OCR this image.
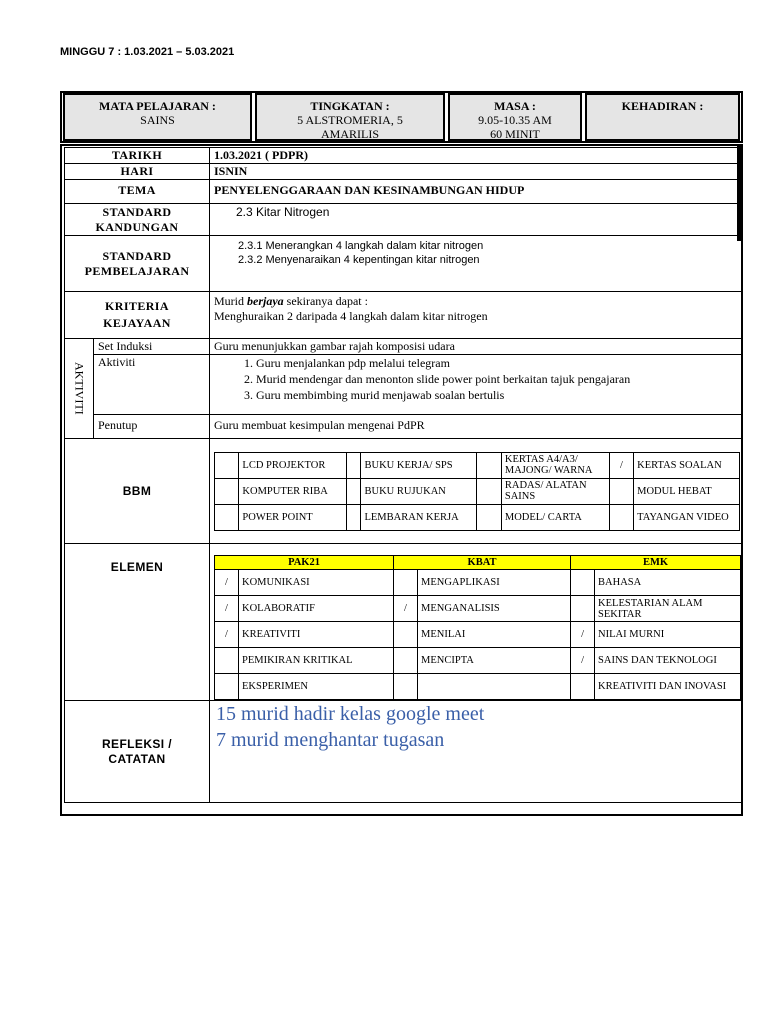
MINGGU 7 : 1.03.2021 – 5.03.2021
MATA PELAJARAN :
SAINS
TINGKATAN :
5 ALSTROMERIA, 5 AMARILIS
MASA :
9.05-10.35 AM
60 MINIT
KEHADIRAN :
TARIKH	1.03.2021 ( PDPR)
HARI	ISNIN
TEMA	PENYELENGGARAAN DAN KESINAMBUNGAN HIDUP

STANDARD
KANDUNGAN
	2.3 Kitar Nitrogen

STANDARD
PEMBELAJARAN

2.3.1 Menerangkan 4 langkah dalam kitar nitrogen
2.3.2 Menyenaraikan 4 kepentingan kitar nitrogen

KRITERIA
KEJAYAAN

Murid berjaya sekiranya dapat :
Menghuraikan 2 daripada 4 langkah dalam kitar nitrogen

AKTIVITI
	Set Induksi	Guru menunjukkan gambar rajah komposisi udara
Aktiviti	
1.Guru menjalankan pdp melalui telegram
2. Murid mendengar dan menonton slide power point berkaitan tajuk pengajaran
3. Guru membimbing murid menjawab soalan bertulis

Penutup	Guru membuat kesimpulan mengenai PdPR
BBM	
	LCD PROJEKTOR		BUKU KERJA/ SPS		KERTAS A4/A3/ MAJONG/ WARNA	/	KERTAS SOALAN
	KOMPUTER RIBA		BUKU RUJUKAN		RADAS/ ALATAN SAINS		MODUL HEBAT
	POWER POINT		LEMBARAN KERJA		MODEL/ CARTA		TAYANGAN VIDEO

ELEMEN		PAK21	KBAT	EMK
/	KOMUNIKASI		MENGAPLIKASI		BAHASA
/	KOLABORATIF	/	MENGANALISIS		KELESTARIAN ALAM SEKITAR
/	KREATIVITI		MENILAI	/	NILAI MURNI
	PEMIKIRAN KRITIKAL		MENCIPTA	/	SAINS DAN TEKNOLOGI
	EKSPERIMEN				KREATIVITI DAN INOVASI

REFLEKSI /
CATATAN

15 murid hadir kelas google meet
7 murid menghantar tugasan
